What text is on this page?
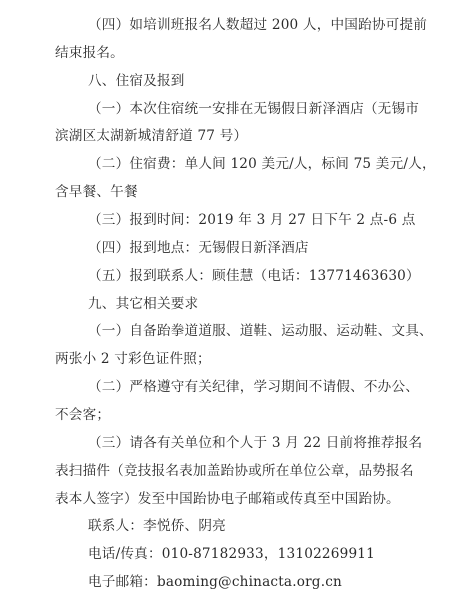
（四）如培训班报名人数超过 200 人，中国跆协可提前
结束报名。
八、住宿及报到
（一）本次住宿统一安排在无锡假日新泽酒店（无锡市
滨湖区太湖新城清舒道 77 号）
（二）住宿费：单人间 120 美元/人，标间 75 美元/人，
含早餐、午餐
（三）报到时间：2019 年 3 月 27 日下午 2 点-6 点
（四）报到地点：无锡假日新泽酒店
（五）报到联系人：顾佳慧（电话：13771463630）
九、其它相关要求
（一）自备跆拳道道服、道鞋、运动服、运动鞋、文具、
两张小 2 寸彩色证件照；
（二）严格遵守有关纪律，学习期间不请假、不办公、
不会客；
（三）请各有关单位和个人于 3 月 22 日前将推荐报名
表扫描件（竞技报名表加盖跆协或所在单位公章，品势报名
表本人签字）发至中国跆协电子邮箱或传真至中国跆协。
联系人：李悦侨、阴亮
电话/传真：010-87182933，13102269911
电子邮箱：baoming@chinacta.org.cn
